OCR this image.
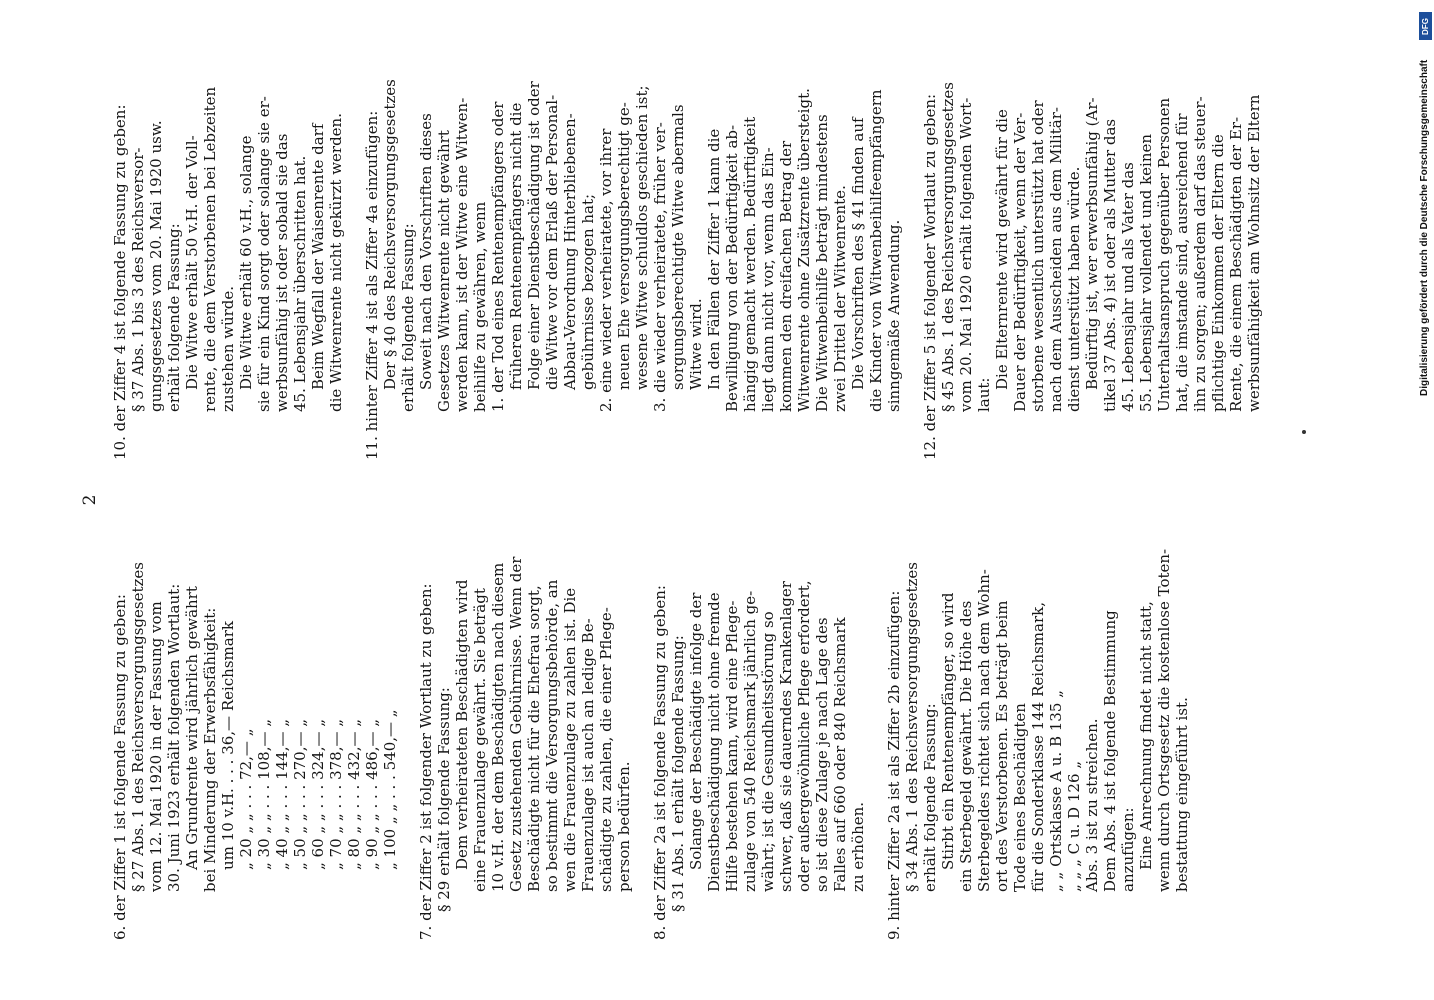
2
6. der Ziffer 1 ist folgende Fassung zu geben: § 27 Abs. 1 des Reichsversorgungsgesetzes vom 12. Mai 1920 in der Fassung vom 30. Juni 1923 erhält folgenden Wortlaut: An Grundrente wird jährlich gewährt bei Minderung der Erwerbsfähigkeit: um 10 v.H. . . . 36,— Reichsmark „ 20 „ „ . . . 72,— „ „ 30 „ „ . . . 108,— „ „ 40 „ „ . . . 144,— „ „ 50 „ „ . . . 270,— „ „ 60 „ „ . . . 324,— „ „ 70 „ „ . . . 378,— „ „ 80 „ „ . . . 432,— „ „ 90 „ „ . . . 486,— „ „ 100 „ „ . . . 540,— „ 7. der Ziffer 2 ist folgender Wortlaut zu geben: § 29 erhält folgende Fassung: Dem verheirateten Beschädigten wird eine Frauenzulage gewährt. Sie beträgt 10 v.H. der dem Beschädigten nach diesem Gesetz zustehenden Gebührnisse. Wenn der Beschädigte nicht für die Ehefrau sorgt, so bestimmt die Versorgungsbehörde, an wen die Frauenzulage zu zahlen ist. Die Frauenzulage ist auch an ledige Be- schädigte zu zahlen, die einer Pflege- person bedürfen. 8. der Ziffer 2a ist folgende Fassung zu geben: § 31 Abs. 1 erhält folgende Fassung: Solange der Beschädigte infolge der Dienstbeschädigung nicht ohne fremde Hilfe bestehen kann, wird eine Pflege- zulage von 540 Reichsmark jährlich ge- währt; ist die Gesundheitsstörung so schwer, daß sie dauerndes Krankenlager oder außergewöhnliche Pflege erfordert, so ist diese Zulage je nach Lage des Falles auf 660 oder 840 Reichsmark zu erhöhen. 9. hinter Ziffer 2a ist als Ziffer 2b einzufügen: § 34 Abs. 1 des Reichsversorgungsgesetzes erhält folgende Fassung: Stirbt ein Rentenempfänger, so wird ein Sterbegeld gewährt. Die Höhe des Sterbegeldes richtet sich nach dem Wohn- ort des Verstorbenen. Es beträgt beim Tode eines Beschädigten für die Sonderklasse 144 Reichsmark, „ „ Ortsklasse A u. B 135 „ „ „ „ C u. D 126 „ Abs. 3 ist zu streichen. Dem Abs. 4 ist folgende Bestimmung anzufügen: Eine Anrechnung findet nicht statt, wenn durch Ortsgesetz die kostenlose Toten- bestattung eingeführt ist.
10. der Ziffer 4 ist folgende Fassung zu geben: § 37 Abs. 1 bis 3 des Reichsversor- gungsgesetzes vom 20. Mai 1920 usw. erhält folgende Fassung: Die Witwe erhält 50 v.H. der Voll- rente, die dem Verstorbenen bei Lebzeiten zustehen würde. Die Witwe erhält 60 v.H., solange sie für ein Kind sorgt oder solange sie er- werbsunfähig ist oder sobald sie das 45. Lebensjahr überschritten hat. Beim Wegfall der Waisenrente darf die Witwenrente nicht gekürzt werden. 11. hinter Ziffer 4 ist als Ziffer 4a einzufügen: Der § 40 des Reichsversorgungsgesetzes erhält folgende Fassung: Soweit nach den Vorschriften dieses Gesetzes Witwenrente nicht gewährt werden kann, ist der Witwe eine Witwen- beihilfe zu gewähren, wenn 1. der Tod eines Rentenempfängers oder früheren Rentenempfängers nicht die Folge einer Dienstbeschädigung ist oder die Witwe vor dem Erlaß der Personal- Abbau-Verordnung Hinterbliebenen- gebührnisse bezogen hat; 2. eine wieder verheiratete, vor ihrer neuen Ehe versorgungsberechtigt ge- wesene Witwe schuldlos geschieden ist; 3. die wieder verheiratete, früher ver- sorgungsberechtigte Witwe abermals Witwe wird. In den Fällen der Ziffer 1 kann die Bewilligung von der Bedürftigkeit ab- hängig gemacht werden. Bedürftigkeit liegt dann nicht vor, wenn das Ein- kommen den dreifachen Betrag der Witwenrente ohne Zusätzrente übersteigt. Die Witwenbeihilfe beträgt mindestens zwei Drittel der Witwenrente. Die Vorschriften des § 41 finden auf die Kinder von Witwenbeihilfeempfängern sinngemäße Anwendung. 12. der Ziffer 5 ist folgender Wortlaut zu geben: § 45 Abs. 1 des Reichsversorgungsgesetzes vom 20. Mai 1920 erhält folgenden Wort- laut:
Die Elternrente wird gewährt für die Dauer der Bedürftigkeit, wenn der Ver- storbene wesentlich unterstützt hat oder nach dem Ausscheiden aus dem Militär- dienst unterstützt haben würde. Bedürftig ist, wer erwerbsunfähig (Ar- tikel 37 Abs. 4) ist oder als Mutter das 45. Lebensjahr und als Vater das 55. Lebensjahr vollendet und keinen Unterhaltsanspruch gegenüber Personen hat, die imstande sind, ausreichend für ihn zu sorgen; außerdem darf das steuer- pflichtige Einkommen der Eltern die Rente, die einem Beschädigten der Er- werbsunfähigkeit am Wohnsitz der Eltern
DFG
Digitalisierung gefördert durch die Deutsche Forschungsgemeinschaft
